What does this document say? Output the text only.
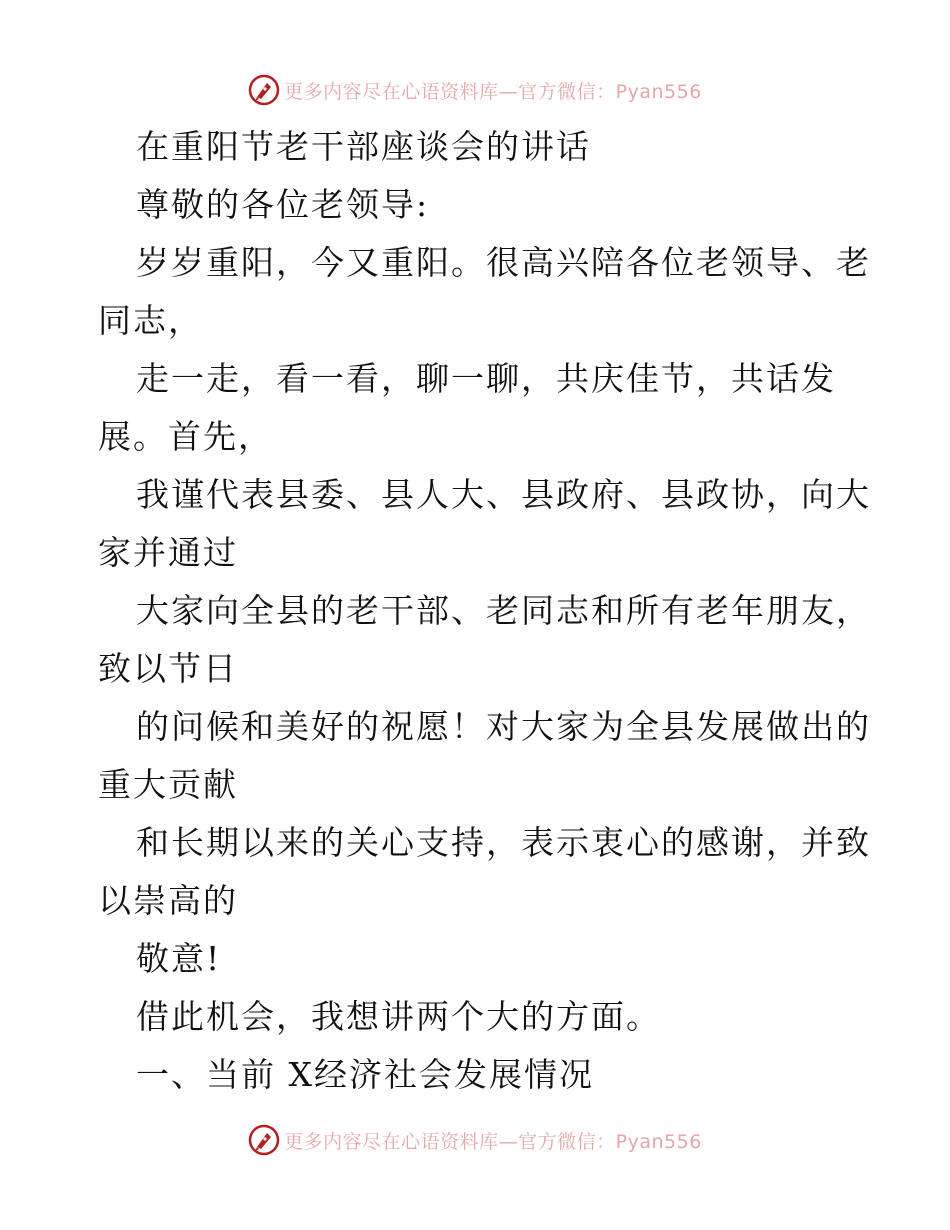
更多内容尽在心语资料库—官方微信：Pyan556
在重阳节老干部座谈会的讲话
尊敬的各位老领导:
岁岁重阳，今又重阳。很高兴陪各位老领导、老
同志，
走一走，看一看，聊一聊，共庆佳节，共话发
展。首先，
我谨代表县委、县人大、县政府、县政协，向大
家并通过
大家向全县的老干部、老同志和所有老年朋友，
致以节日
的问候和美好的祝愿！对大家为全县发展做出的
重大贡献
和长期以来的关心支持，表示衷心的感谢，并致
以崇高的
敬意!
借此机会，我想讲两个大的方面。
一、当前 X经济社会发展情况
更多内容尽在心语资料库—官方微信：Pyan556
